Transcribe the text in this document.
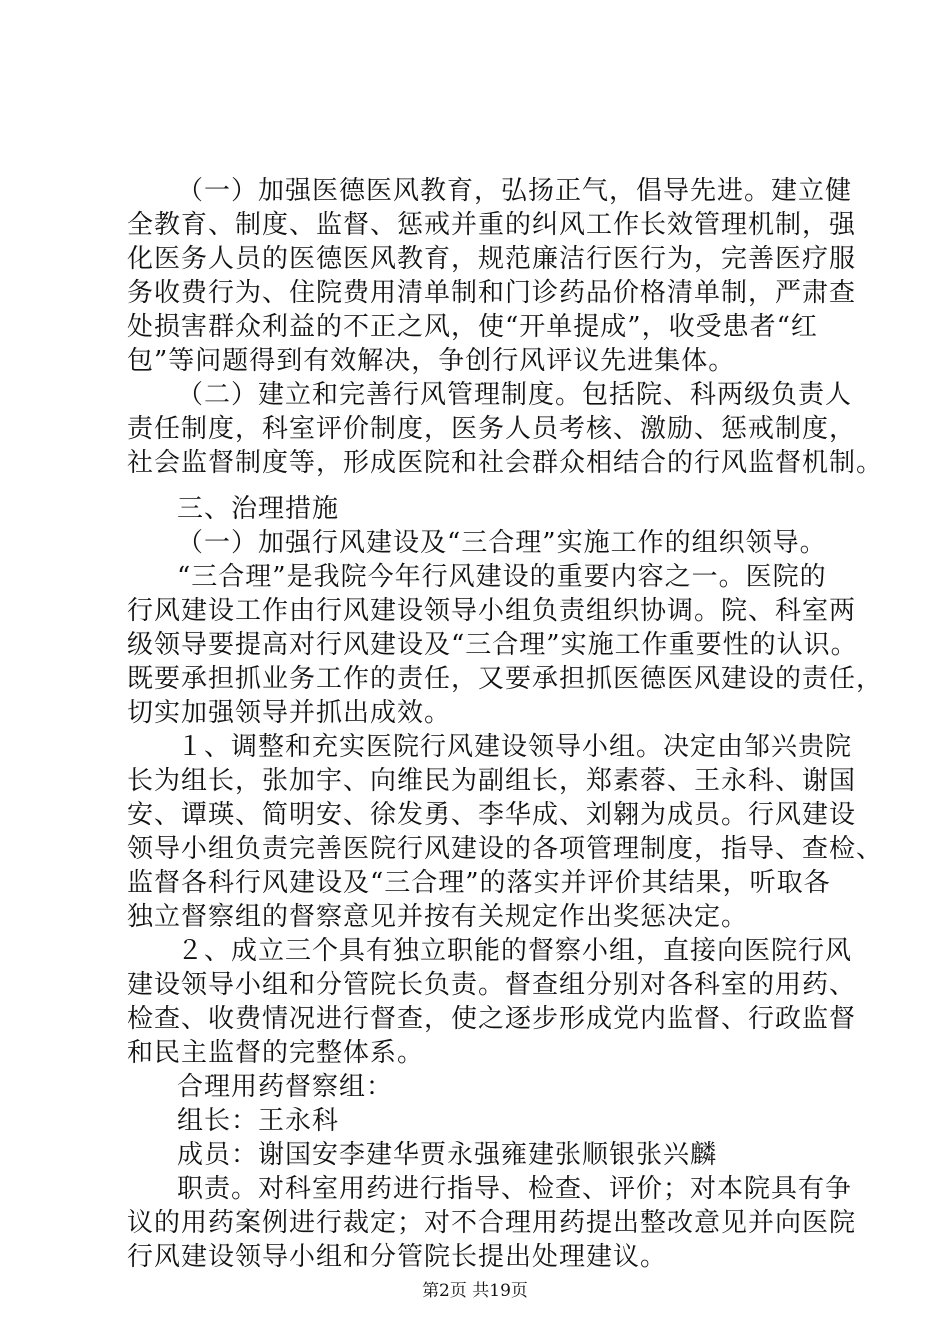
（一）加强医德医风教育，弘扬正气，倡导先进。建立健
全教育、制度、监督、惩戒并重的纠风工作长效管理机制，强
化医务人员的医德医风教育，规范廉洁行医行为，完善医疗服
务收费行为、住院费用清单制和门诊药品价格清单制，严肃查
处损害群众利益的不正之风，使“开单提成”，收受患者“红
包”等问题得到有效解决，争创行风评议先进集体。
（二）建立和完善行风管理制度。包括院、科两级负责人
责任制度，科室评价制度，医务人员考核、激励、惩戒制度，
社会监督制度等，形成医院和社会群众相结合的行风监督机制。
三、治理措施
（一）加强行风建设及“三合理”实施工作的组织领导。
“三合理”是我院今年行风建设的重要内容之一。医院的
行风建设工作由行风建设领导小组负责组织协调。院、科室两
级领导要提高对行风建设及“三合理”实施工作重要性的认识。
既要承担抓业务工作的责任，又要承担抓医德医风建设的责任，
切实加强领导并抓出成效。
１、调整和充实医院行风建设领导小组。决定由邹兴贵院
长为组长，张加宇、向维民为副组长，郑素蓉、王永科、谢国
安、谭瑛、简明安、徐发勇、李华成、刘翱为成员。行风建设
领导小组负责完善医院行风建设的各项管理制度，指导、查检、
监督各科行风建设及“三合理”的落实并评价其结果，听取各
独立督察组的督察意见并按有关规定作出奖惩决定。
２、成立三个具有独立职能的督察小组，直接向医院行风
建设领导小组和分管院长负责。督查组分别对各科室的用药、
检查、收费情况进行督查，使之逐步形成党内监督、行政监督
和民主监督的完整体系。
合理用药督察组：
组长：王永科
成员：谢国安李建华贾永强雍建张顺银张兴麟
职责。对科室用药进行指导、检查、评价；对本院具有争
议的用药案例进行裁定；对不合理用药提出整改意见并向医院
行风建设领导小组和分管院长提出处理建议。
第2页 共19页
